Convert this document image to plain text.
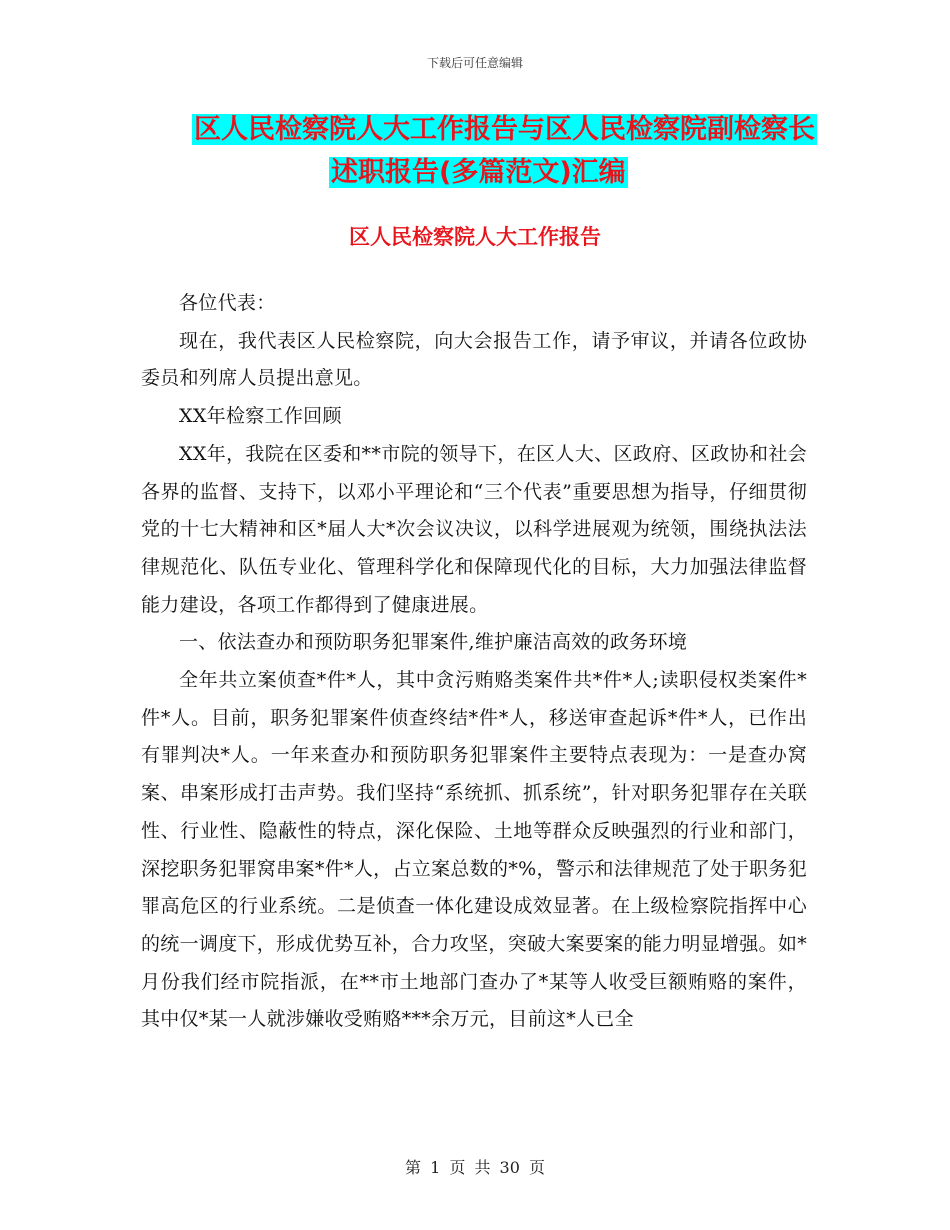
下载后可任意编辑
区人民检察院人大工作报告与区人民检察院副检察长
述职报告(多篇范文)汇编
区人民检察院人大工作报告

各位代表：

现在，我代表区人民检察院，向大会报告工作，请予审议，并请各位政协委员和列席人员提出意见。

XX年检察工作回顾

XX年，我院在区委和**市院的领导下，在区人大、区政府、区政协和社会各界的监督、支持下，以邓小平理论和“三个代表”重要思想为指导，仔细贯彻党的十七大精神和区*届人大*次会议决议，以科学进展观为统领，围绕执法法律规范化、队伍专业化、管理科学化和保障现代化的目标，大力加强法律监督能力建设，各项工作都得到了健康进展。

一、依法查办和预防职务犯罪案件,维护廉洁高效的政务环境

全年共立案侦查*件*人，其中贪污贿赂类案件共*件*人;读职侵权类案件*件*人。目前，职务犯罪案件侦查终结*件*人，移送审查起诉*件*人，已作出有罪判决*人。一年来查办和预防职务犯罪案件主要特点表现为：一是查办窝案、串案形成打击声势。我们坚持“系统抓、抓系统”，针对职务犯罪存在关联性、行业性、隐蔽性的特点，深化保险、土地等群众反映强烈的行业和部门，深挖职务犯罪窝串案*件*人，占立案总数的*%，警示和法律规范了处于职务犯罪高危区的行业系统。二是侦查一体化建设成效显著。在上级检察院指挥中心的统一调度下，形成优势互补，合力攻坚，突破大案要案的能力明显增强。如*月份我们经市院指派，在**市土地部门查办了*某等人收受巨额贿赂的案件，其中仅*某一人就涉嫌收受贿赂***余万元，目前这*人已全

第 1 页 共 30 页
